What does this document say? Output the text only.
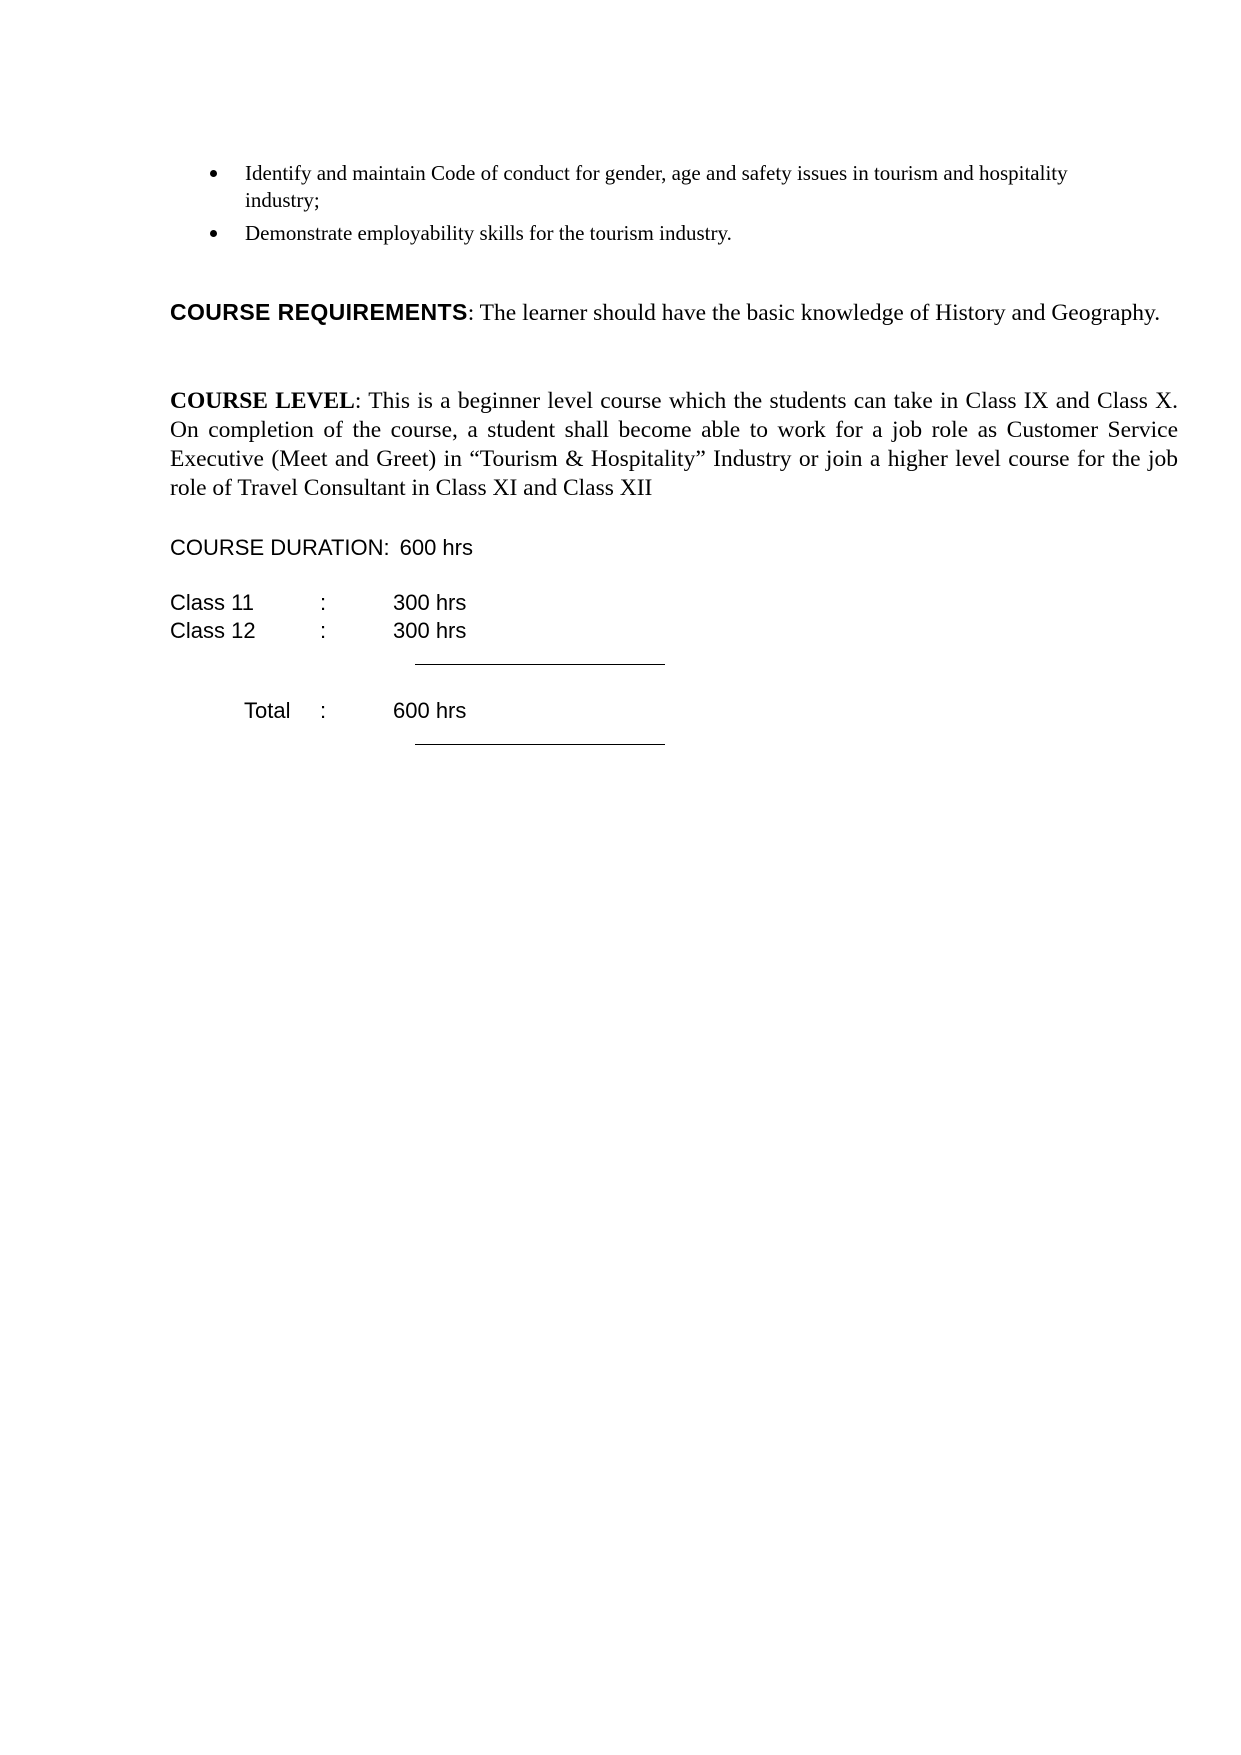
Identify and maintain Code of conduct for gender, age and safety issues in tourism and hospitality industry;
Demonstrate employability skills for the tourism industry.

COURSE REQUIREMENTS: The learner should have the basic knowledge of History and Geography.

COURSE LEVEL: This is a beginner level course which the students can take in Class IX and Class X. On completion of the course, a student shall become able to work for a job role as Customer Service Executive (Meet and Greet) in “Tourism & Hospitality” Industry or join a higher level course for the job role of Travel Consultant in Class XI and Class XII

COURSE DURATION: 600 hrs
Class 11	:	300 hrs
Class 12	:	300 hrs
Total :	600 hrs
